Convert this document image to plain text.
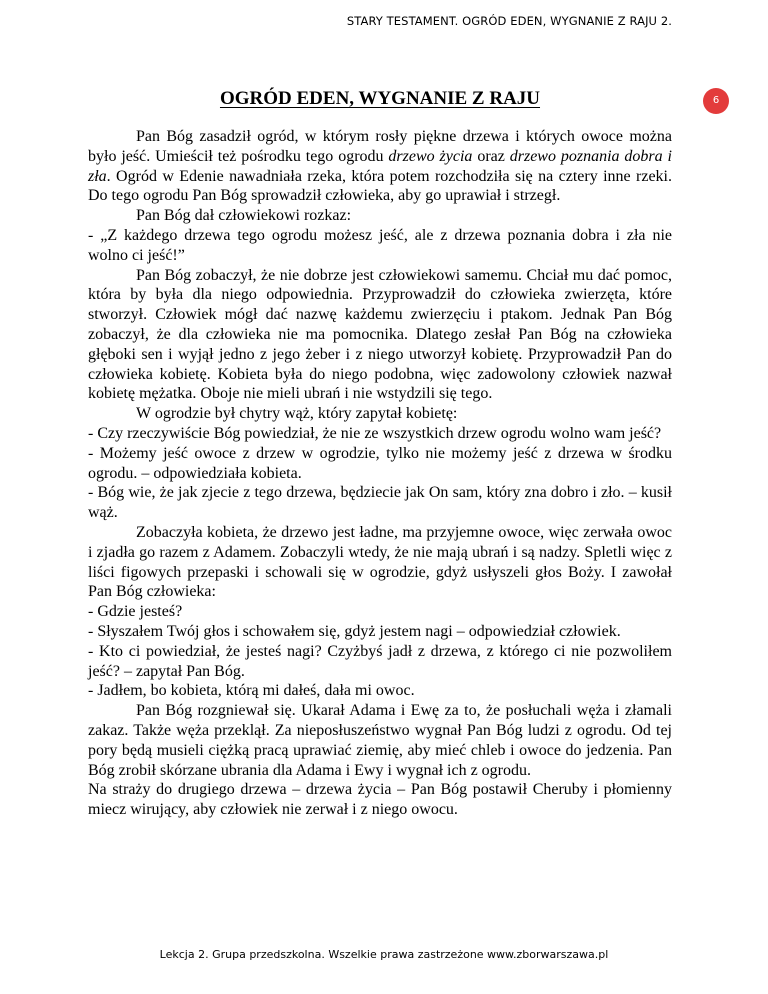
STARY TESTAMENT. OGRÓD EDEN, WYGNANIE Z RAJU 2.
6
OGRÓD EDEN, WYGNANIE Z RAJU

Pan Bóg zasadził ogród, w którym rosły piękne drzewa i których owoce można było jeść. Umieścił też pośrodku tego ogrodu drzewo życia oraz drzewo poznania dobra i zła. Ogród w Edenie nawadniała rzeka, która potem rozchodziła się na cztery inne rzeki. Do tego ogrodu Pan Bóg sprowadził człowieka, aby go uprawiał i strzegł.

Pan Bóg dał człowiekowi rozkaz:

- „Z każdego drzewa tego ogrodu możesz jeść, ale z drzewa poznania dobra i zła nie wolno ci jeść!”

Pan Bóg zobaczył, że nie dobrze jest człowiekowi samemu. Chciał mu dać pomoc, która by była dla niego odpowiednia. Przyprowadził do człowieka zwierzęta, które stworzył. Człowiek mógł dać nazwę każdemu zwierzęciu i ptakom. Jednak Pan Bóg zobaczył, że dla człowieka nie ma pomocnika. Dlatego zesłał Pan Bóg na człowieka głęboki sen i wyjął jedno z jego żeber i z niego utworzył kobietę. Przyprowadził Pan do człowieka kobietę. Kobieta była do niego podobna, więc zadowolony człowiek nazwał kobietę mężatka. Oboje nie mieli ubrań i nie wstydzili się tego.

W ogrodzie był chytry wąż, który zapytał kobietę:

- Czy rzeczywiście Bóg powiedział, że nie ze wszystkich drzew ogrodu wolno wam jeść?

- Możemy jeść owoce z drzew w ogrodzie, tylko nie możemy jeść z drzewa w środku ogrodu. – odpowiedziała kobieta.

- Bóg wie, że jak zjecie z tego drzewa, będziecie jak On sam, który zna dobro i zło. – kusił wąż.

Zobaczyła kobieta, że drzewo jest ładne, ma przyjemne owoce, więc zerwała owoc i zjadła go razem z Adamem. Zobaczyli wtedy, że nie mają ubrań i są nadzy. Spletli więc z liści figowych przepaski i schowali się w ogrodzie, gdyż usłyszeli głos Boży. I zawołał Pan Bóg człowieka:

- Gdzie jesteś?

- Słyszałem Twój głos i schowałem się, gdyż jestem nagi – odpowiedział człowiek.

- Kto ci powiedział, że jesteś nagi? Czyżbyś jadł z drzewa, z którego ci nie pozwoliłem jeść? – zapytał Pan Bóg.

- Jadłem, bo kobieta, którą mi dałeś, dała mi owoc.

Pan Bóg rozgniewał się. Ukarał Adama i Ewę za to, że posłuchali węża i złamali zakaz. Także węża przeklął. Za nieposłuszeństwo wygnał Pan Bóg ludzi z ogrodu. Od tej pory będą musieli ciężką pracą uprawiać ziemię, aby mieć chleb i owoce do jedzenia. Pan Bóg zrobił skórzane ubrania dla Adama i Ewy i wygnał ich z ogrodu.

Na straży do drugiego drzewa – drzewa życia – Pan Bóg postawił Cheruby i płomienny miecz wirujący, aby człowiek nie zerwał i z niego owocu.

Lekcja 2. Grupa przedszkolna. Wszelkie prawa zastrzeżone www.zborwarszawa.pl
